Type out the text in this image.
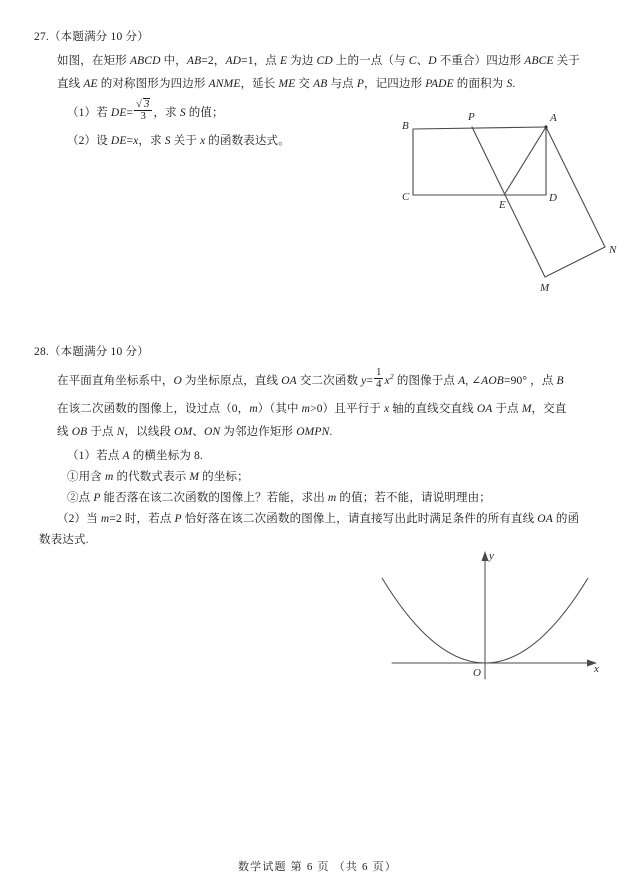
27.（本题满分 10 分）
如图，在矩形 ABCD 中，AB=2，AD=1，点 E 为边 CD 上的一点（与 C、D 不重合）四边形 ABCE 关于
直线 AE 的对称图形为四边形 ANME，延长 ME 交 AB 与点 P，记四边形 PADE 的面积为 S.
（1）若 $DE= \frac{√ 3}{3}$ ，求 S 的值；
（2）设 DE=x，求 S 关于 x 的函数表达式。
B
P	A
C
E
D
N
M
28.（本题满分 10 分）
在平面直角坐标系中，O 为坐标原点，直线 OA 交二次函数 $y= \frac{1}{4} x^2$ 的图像于点 A, ∠AOB=90° ，点 B
在该二次函数的图像上，设过点（0，m）（其中 m>0）且平行于 x 轴的直线交直线 OA 于点 M，交直
线 OB 于点 N，以线段 OM、ON 为邻边作矩形 OMPN.
（1）若点 A 的横坐标为 8.
①用含 m 的代数式表示 M 的坐标；
②点 P 能否落在该二次函数的图像上？若能，求出 m 的值；若不能，请说明理由；
（2）当 m=2 时，若点 P 恰好落在该二次函数的图像上，请直接写出此时满足条件的所有直线 OA 的函
数表达式.
y
x
O
数学试题 第 6 页 （共 6 页）
